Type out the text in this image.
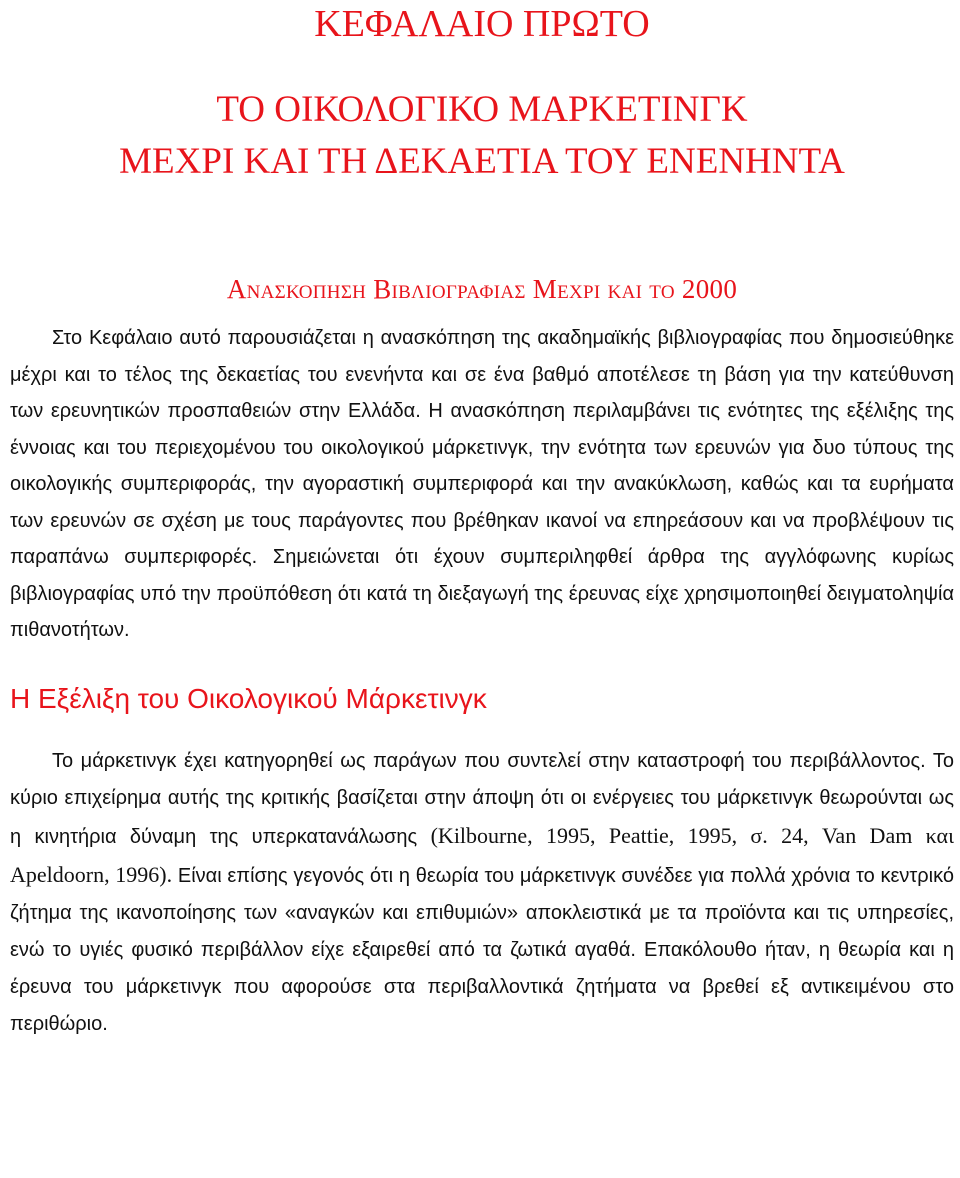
ΚΕΦΑΛΑΙΟ ΠΡΩΤΟ
ΤΟ ΟΙΚΟΛΟΓΙΚΟ ΜΑΡΚΕΤΙΝΓΚ
ΜΕΧΡΙ ΚΑΙ ΤΗ ΔΕΚΑΕΤΙΑ ΤΟΥ ΕΝΕΝΗΝΤΑ
Ανασκοπηση Βιβλιογραφιας Μεχρι και το 2000

Στο Κεφάλαιο αυτό παρουσιάζεται η ανασκόπηση της ακαδημαϊκής βιβλιογραφίας που δημοσιεύθηκε μέχρι και το τέλος της δεκαετίας του ενενήντα και σε ένα βαθμό αποτέλεσε τη βάση για την κατεύθυνση των ερευνητικών προσπαθειών στην Ελλάδα. Η ανασκόπηση περιλαμβάνει τις ενότητες της εξέλιξης της έννοιας και του περιεχομένου του οικολογικού μάρκετινγκ, την ενότητα των ερευνών για δυο τύπους της οικολογικής συμπεριφοράς, την αγοραστική συμπεριφορά και την ανακύκλωση, καθώς και τα ευρήματα των ερευνών σε σχέση με τους παράγοντες που βρέθηκαν ικανοί να επηρεάσουν και να προβλέψουν τις παραπάνω συμπεριφορές. Σημειώνεται ότι έχουν συμπεριληφθεί άρθρα της αγγλόφωνης κυρίως βιβλιογραφίας υπό την προϋπόθεση ότι κατά τη διεξαγωγή της έρευνας είχε χρησιμοποιηθεί δειγματοληψία πιθανοτήτων.

Η Εξέλιξη του Οικολογικού Μάρκετινγκ

Το μάρκετινγκ έχει κατηγορηθεί ως παράγων που συντελεί στην καταστροφή του περιβάλλοντος. Το κύριο επιχείρημα αυτής της κριτικής βασίζεται στην άποψη ότι οι ενέργειες του μάρκετινγκ θεωρούνται ως η κινητήρια δύναμη της υπερκατανάλωσης (Kilbourne, 1995, Peattie, 1995, σ. 24, Van Dam και Apeldoorn, 1996). Είναι επίσης γεγονός ότι η θεωρία του μάρκετινγκ συνέδεε για πολλά χρόνια το κεντρικό ζήτημα της ικανοποίησης των «αναγκών και επιθυμιών» αποκλειστικά με τα προϊόντα και τις υπηρεσίες, ενώ το υγιές φυσικό περιβάλλον είχε εξαιρεθεί από τα ζωτικά αγαθά. Επακόλουθο ήταν, η θεωρία και η έρευνα του μάρκετινγκ που αφορούσε στα περιβαλλοντικά ζητήματα να βρεθεί εξ αντικειμένου στο περιθώριο.
